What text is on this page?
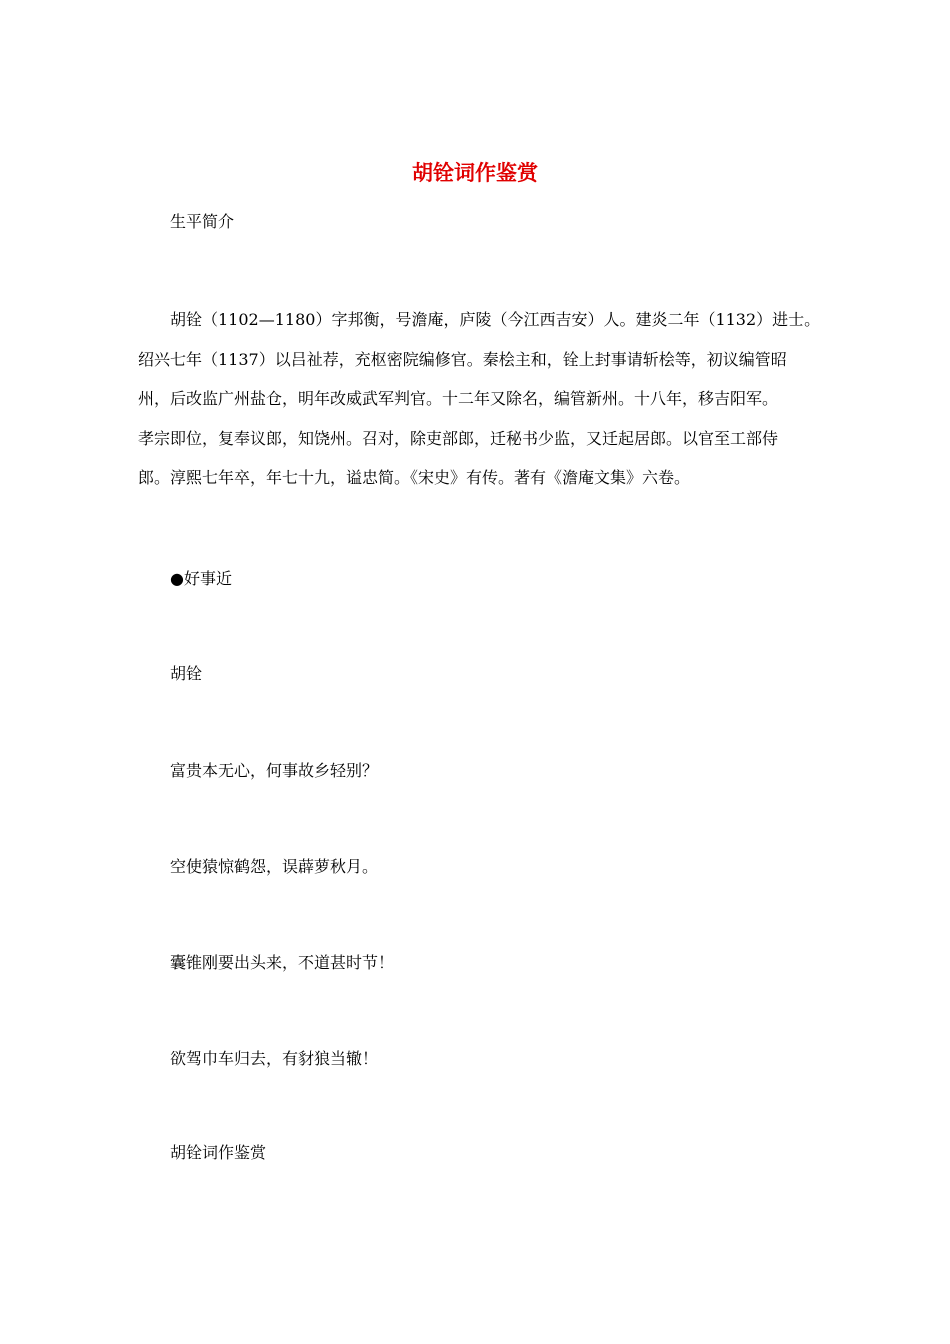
胡铨词作鉴赏
生平简介
胡铨（1102—1180）字邦衡，号澹庵，庐陵（今江西吉安）人。建炎二年（1132）进士。
绍兴七年（1137）以吕祉荐，充枢密院编修官。秦桧主和，铨上封事请斩桧等，初议编管昭
州，后改监广州盐仓，明年改威武军判官。十二年又除名，编管新州。十八年，移吉阳军。
孝宗即位，复奉议郎，知饶州。召对，除吏部郎，迁秘书少监，又迁起居郎。以官至工部侍
郎。淳熙七年卒，年七十九，谥忠简。《宋史》有传。著有《澹庵文集》六卷。
●好事近
胡铨
富贵本无心，何事故乡轻别？
空使猿惊鹤怨，误薜萝秋月。
囊锥刚要出头来，不道甚时节！
欲驾巾车归去，有豺狼当辙！
胡铨词作鉴赏
